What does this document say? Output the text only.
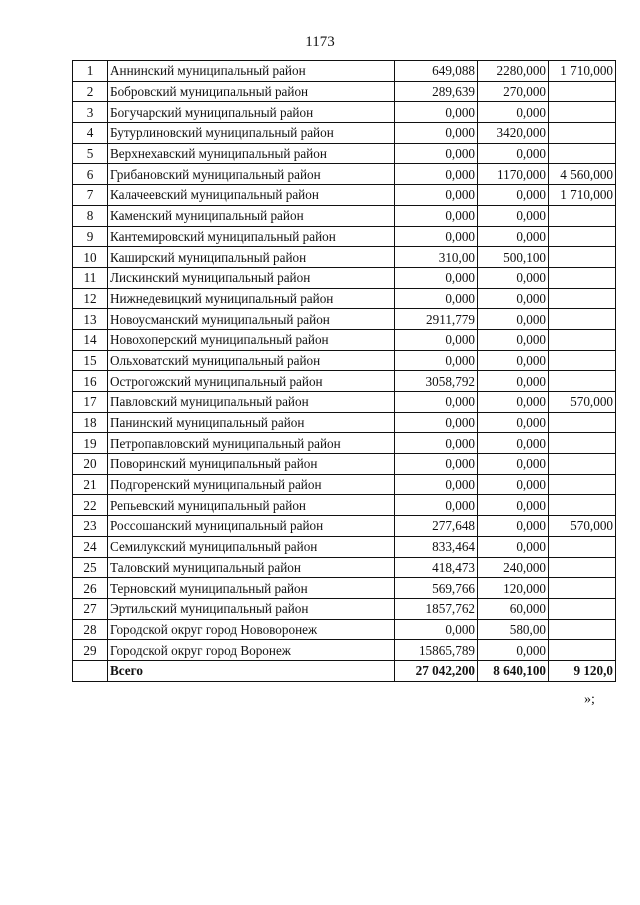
1173
1	Аннинский муниципальный район	649,088	2280,000	1 710,000
2	Бобровский муниципальный район	289,639	270,000	
3	Богучарский муниципальный район	0,000	0,000	
4	Бутурлиновский муниципальный район	0,000	3420,000	
5	Верхнехавский муниципальный район	0,000	0,000	
6	Грибановский муниципальный район	0,000	1170,000	4 560,000
7	Калачеевский муниципальный район	0,000	0,000	1 710,000
8	Каменский муниципальный район	0,000	0,000	
9	Кантемировский муниципальный район	0,000	0,000	
10	Каширский муниципальный район	310,00	500,100	
11	Лискинский муниципальный район	0,000	0,000	
12	Нижнедевицкий муниципальный район	0,000	0,000	
13	Новоусманский муниципальный район	2911,779	0,000	
14	Новохоперский муниципальный район	0,000	0,000	
15	Ольховатский муниципальный район	0,000	0,000	
16	Острогожский муниципальный район	3058,792	0,000	
17	Павловский муниципальный район	0,000	0,000	570,000
18	Панинский муниципальный район	0,000	0,000	
19	Петропавловский муниципальный район	0,000	0,000	
20	Поворинский муниципальный район	0,000	0,000	
21	Подгоренский муниципальный район	0,000	0,000	
22	Репьевский муниципальный район	0,000	0,000	
23	Россошанский муниципальный район	277,648	0,000	570,000
24	Семилукский муниципальный район	833,464	0,000	
25	Таловский муниципальный район	418,473	240,000	
26	Терновский муниципальный район	569,766	120,000	
27	Эртильский муниципальный район	1857,762	60,000	
28	Городской округ город Нововоронеж	0,000	580,00	
29	Городской округ город Воронеж	15865,789	0,000	
	Всего	27 042,200	8 640,100	9 120,0
»;
